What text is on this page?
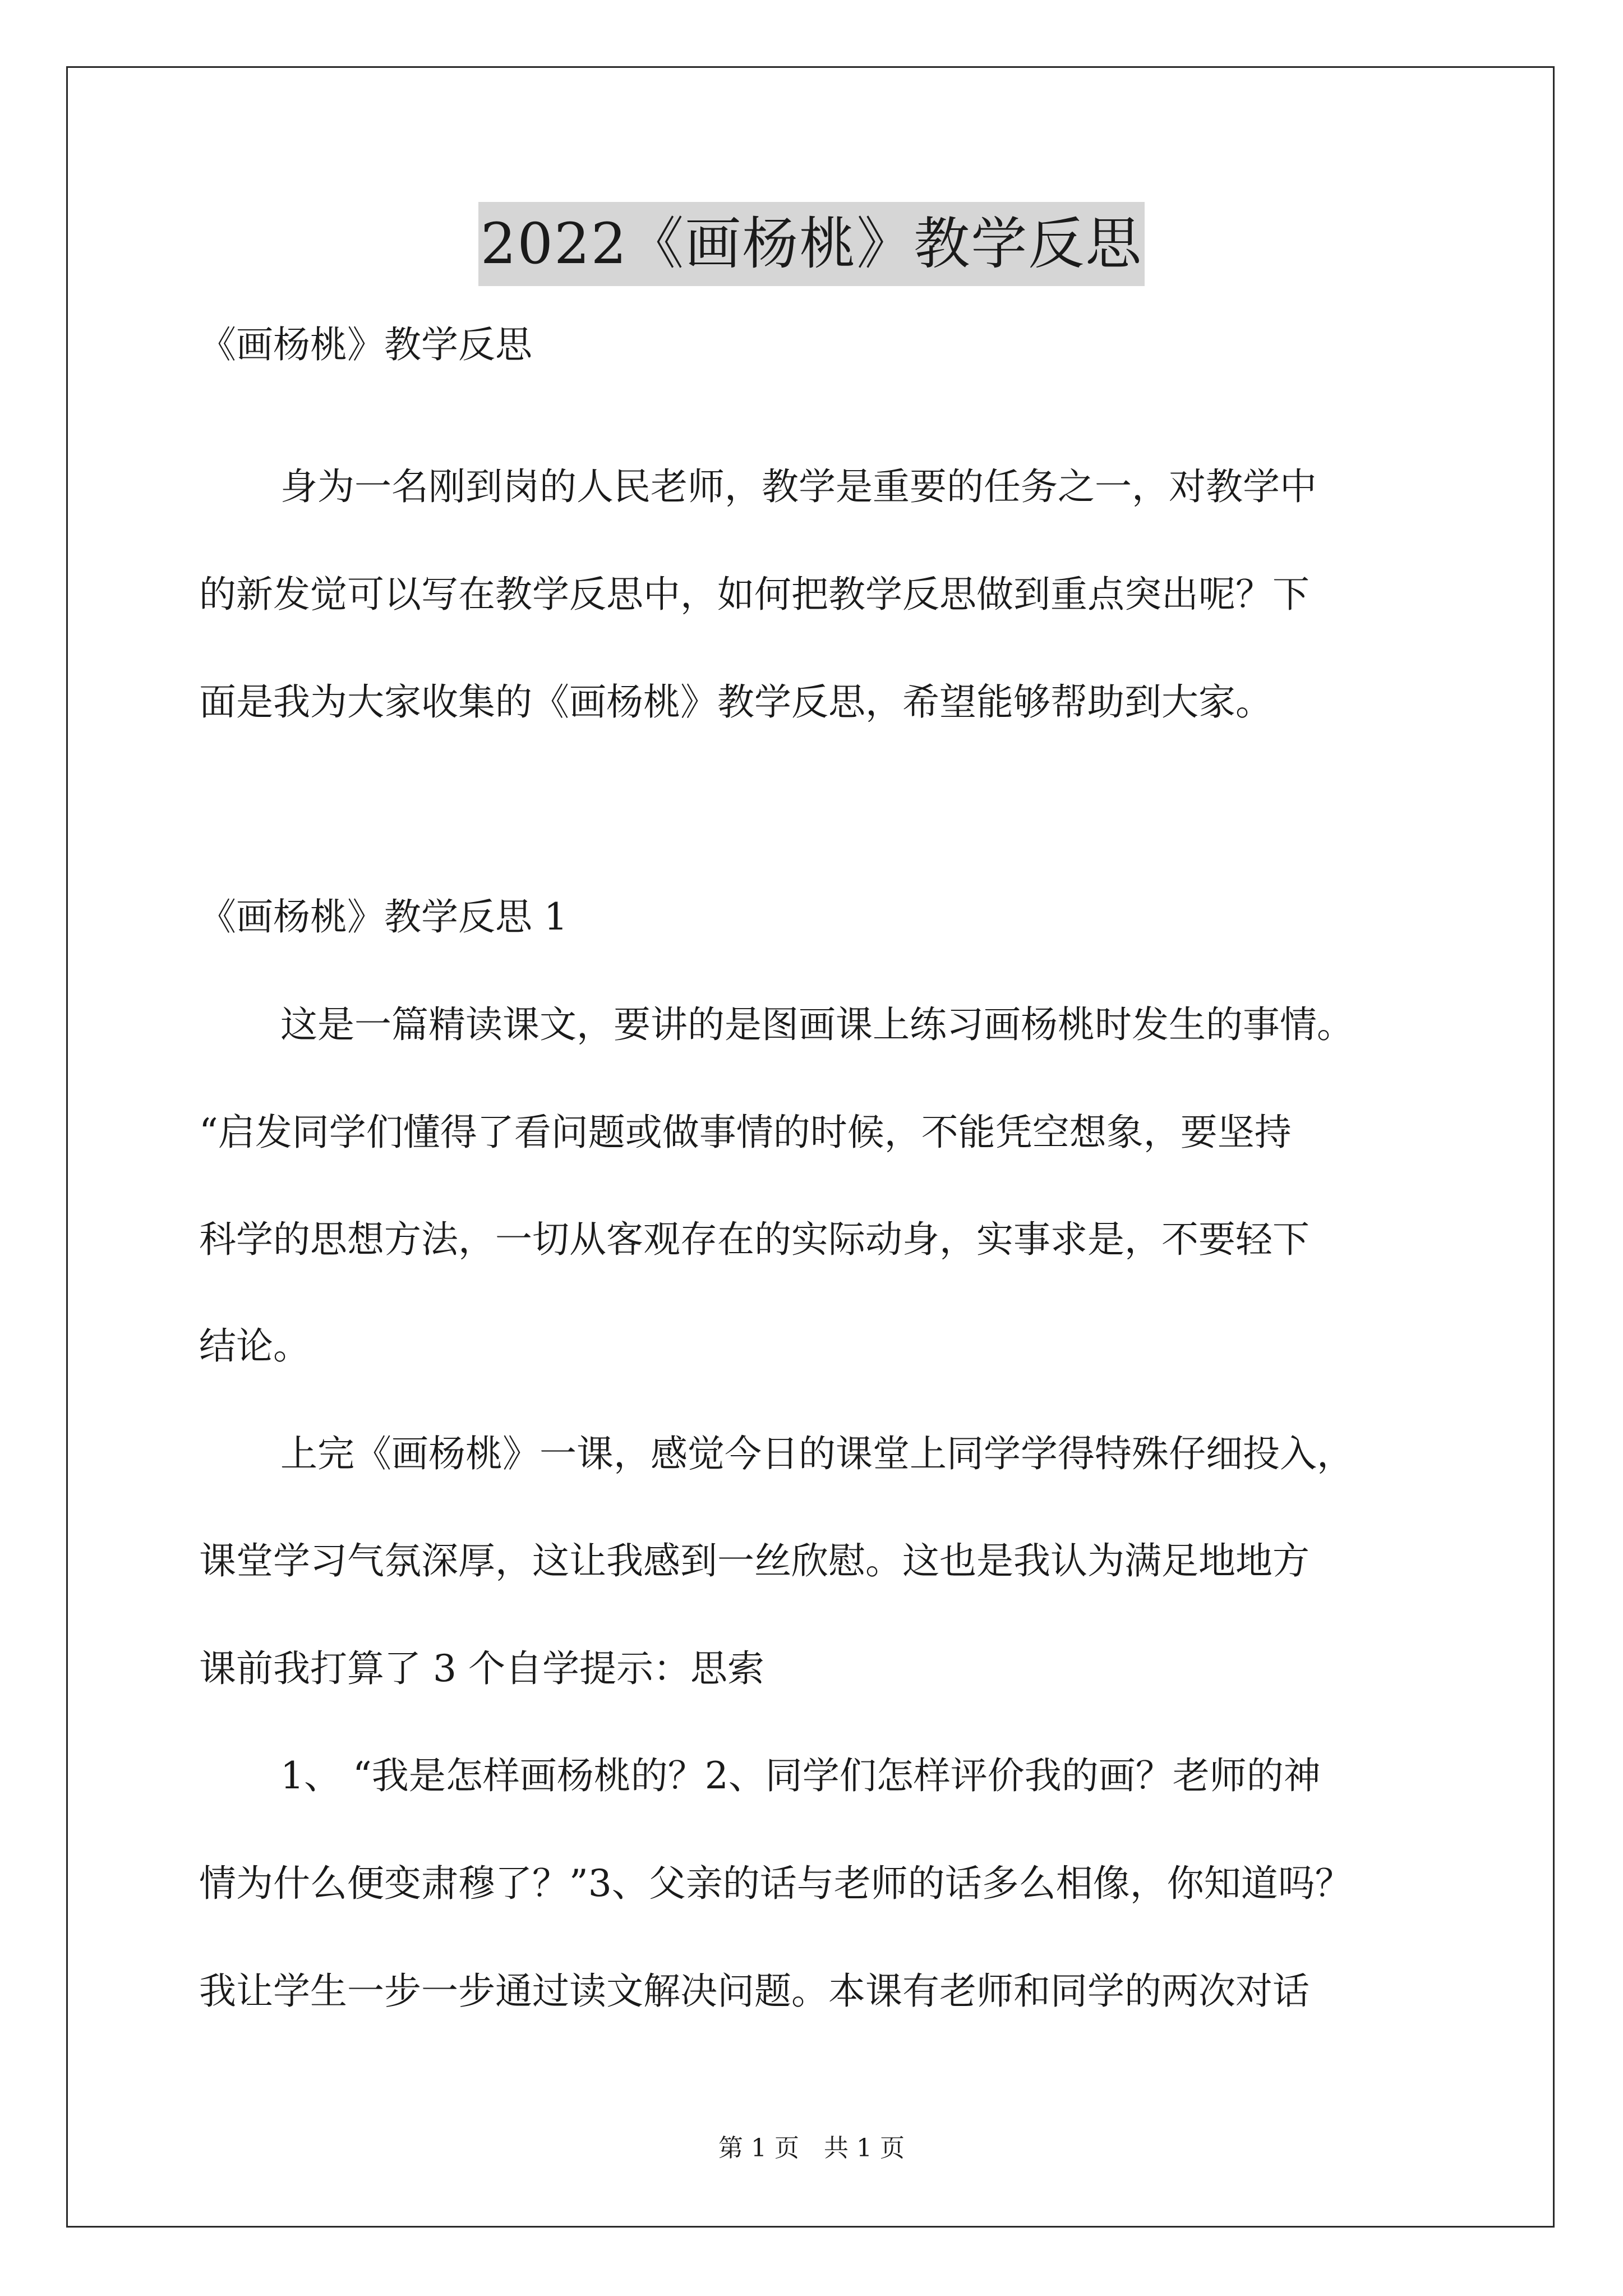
2022《画杨桃》教学反思
《画杨桃》教学反思
身为一名刚到岗的人民老师，教学是重要的任务之一，对教学中
的新发觉可以写在教学反思中，如何把教学反思做到重点突出呢？下
面是我为大家收集的《画杨桃》教学反思，希望能够帮助到大家。
《画杨桃》教学反思 1
这是一篇精读课文，要讲的是图画课上练习画杨桃时发生的事情。
“启发同学们懂得了看问题或做事情的时候，不能凭空想象，要坚持
科学的思想方法，一切从客观存在的实际动身，实事求是，不要轻下
结论。
上完《画杨桃》一课，感觉今日的课堂上同学学得特殊仔细投入，
课堂学习气氛深厚，这让我感到一丝欣慰。这也是我认为满足地地方
课前我打算了 3 个自学提示：思索
1、 “我是怎样画杨桃的？2、同学们怎样评价我的画？老师的神
情为什么便变肃穆了？”3、父亲的话与老师的话多么相像，你知道吗？
我让学生一步一步通过读文解决问题。本课有老师和同学的两次对话
第 1 页　共 1 页
